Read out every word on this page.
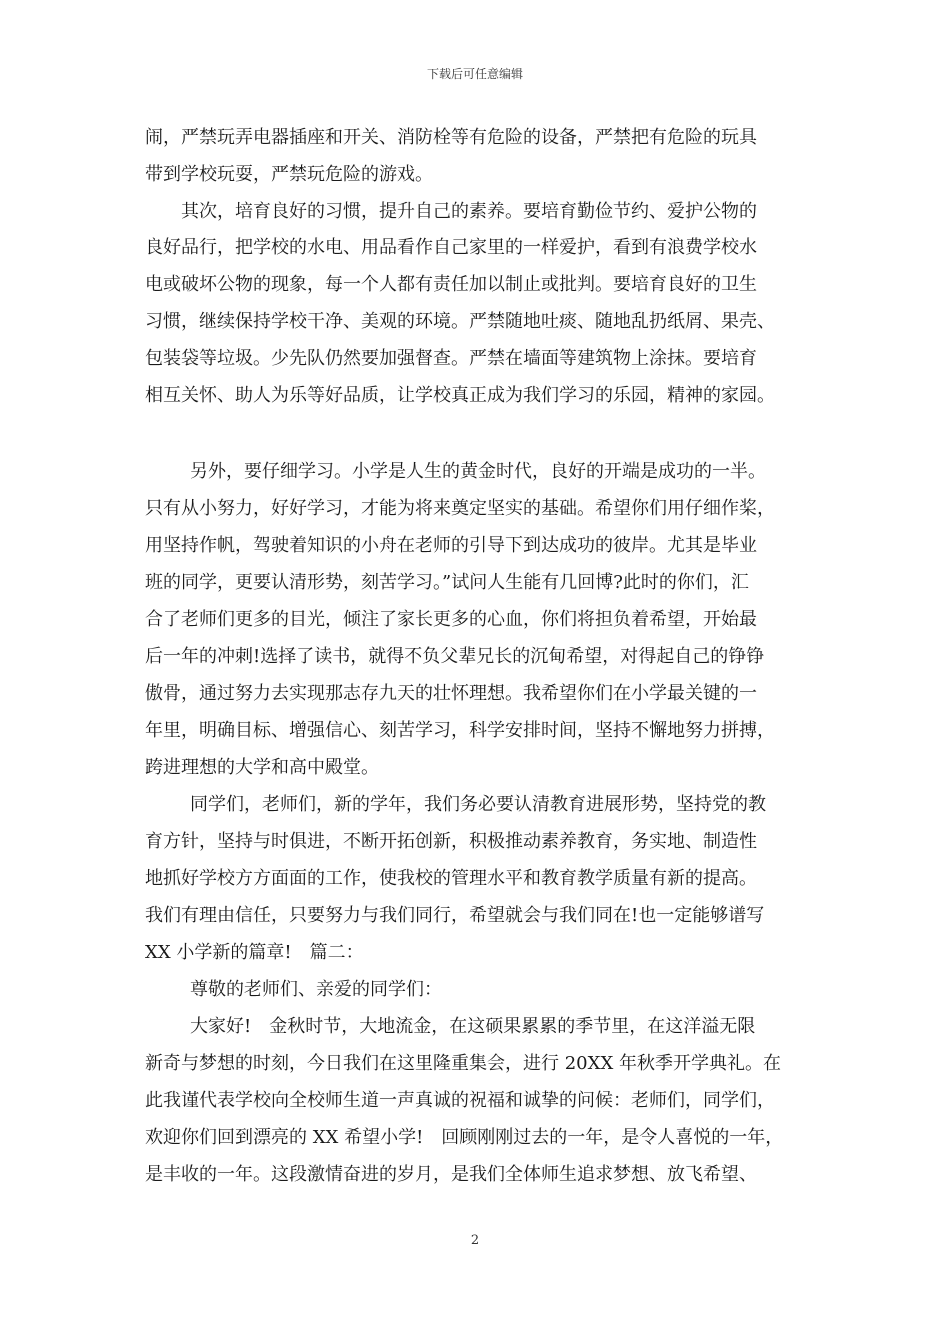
下载后可任意编辑
闹，严禁玩弄电器插座和开关、消防栓等有危险的设备，严禁把有危险的玩具
带到学校玩耍，严禁玩危险的游戏。
其次，培育良好的习惯，提升自己的素养。要培育勤俭节约、爱护公物的
良好品行，把学校的水电、用品看作自己家里的一样爱护，看到有浪费学校水
电或破坏公物的现象，每一个人都有责任加以制止或批判。要培育良好的卫生
习惯，继续保持学校干净、美观的环境。严禁随地吐痰、随地乱扔纸屑、果壳、
包装袋等垃圾。少先队仍然要加强督查。严禁在墙面等建筑物上涂抹。要培育
相互关怀、助人为乐等好品质，让学校真正成为我们学习的乐园，精神的家园。
另外，要仔细学习。小学是人生的黄金时代，良好的开端是成功的一半。
只有从小努力，好好学习，才能为将来奠定坚实的基础。希望你们用仔细作桨，
用坚持作帆，驾驶着知识的小舟在老师的引导下到达成功的彼岸。尤其是毕业
班的同学，更要认清形势，刻苦学习。”试问人生能有几回博?此时的你们，汇
合了老师们更多的目光，倾注了家长更多的心血，你们将担负着希望，开始最
后一年的冲刺!选择了读书，就得不负父辈兄长的沉甸希望，对得起自己的铮铮
傲骨，通过努力去实现那志存九天的壮怀理想。我希望你们在小学最关键的一
年里，明确目标、增强信心、刻苦学习，科学安排时间，坚持不懈地努力拼搏，
跨进理想的大学和高中殿堂。
同学们，老师们，新的学年，我们务必要认清教育进展形势，坚持党的教
育方针，坚持与时俱进，不断开拓创新，积极推动素养教育，务实地、制造性
地抓好学校方方面面的工作，使我校的管理水平和教育教学质量有新的提高。
我们有理由信任，只要努力与我们同行，希望就会与我们同在!也一定能够谱写
XX 小学新的篇章!　篇二：
尊敬的老师们、亲爱的同学们：
大家好!　金秋时节，大地流金，在这硕果累累的季节里，在这洋溢无限
新奇与梦想的时刻，今日我们在这里隆重集会，进行 20XX 年秋季开学典礼。在
此我谨代表学校向全校师生道一声真诚的祝福和诚挚的问候：老师们，同学们，
欢迎你们回到漂亮的 XX 希望小学!　回顾刚刚过去的一年，是令人喜悦的一年，
是丰收的一年。这段激情奋进的岁月，是我们全体师生追求梦想、放飞希望、
2
